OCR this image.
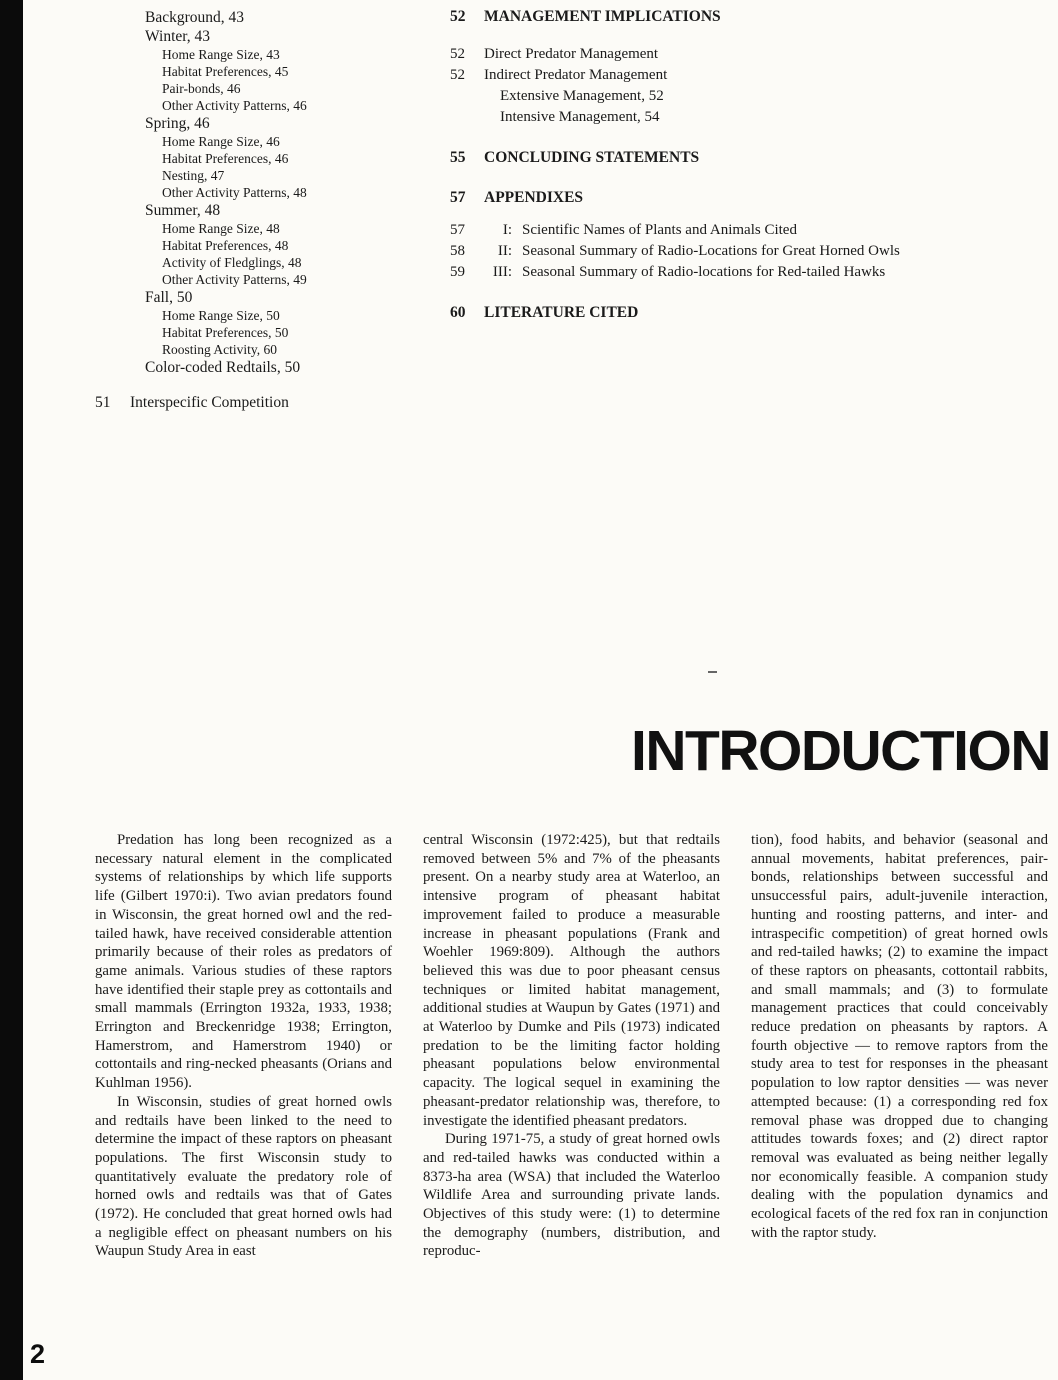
Background, 43
Winter, 43
Home Range Size, 43
Habitat Preferences, 45
Pair-bonds, 46
Other Activity Patterns, 46
Spring, 46
Home Range Size, 46
Habitat Preferences, 46
Nesting, 47
Other Activity Patterns, 48
Summer, 48
Home Range Size, 48
Habitat Preferences, 48
Activity of Fledglings, 48
Other Activity Patterns, 49
Fall, 50
Home Range Size, 50
Habitat Preferences, 50
Roosting Activity, 60
Color-coded Redtails, 50
51 Interspecific Competition
52	MANAGEMENT IMPLICATIONS
52	Direct Predator Management
52	Indirect Predator Management
Extensive Management, 52
Intensive Management, 54
55	CONCLUDING STATEMENTS
57	APPENDIXES
57	I: Scientific Names of Plants and Animals Cited
58	II: Seasonal Summary of Radio-Locations for Great Horned Owls
59	III: Seasonal Summary of Radio-locations for Red-tailed Hawks
60	LITERATURE CITED
INTRODUCTION

Predation has long been recognized as a necessary natural element in the complicated systems of relationships by which life supports life (Gilbert 1970:i). Two avian predators found in Wisconsin, the great horned owl and the red-tailed hawk, have received considerable attention primarily because of their roles as predators of game animals. Various studies of these raptors have identified their staple prey as cottontails and small mammals (Errington 1932a, 1933, 1938; Errington and Breckenridge 1938; Errington, Hamerstrom, and Hamerstrom 1940) or cottontails and ring-necked pheasants (Orians and Kuhlman 1956).

In Wisconsin, studies of great horned owls and redtails have been linked to the need to determine the impact of these raptors on pheasant populations. The first Wisconsin study to quantitatively evaluate the predatory role of horned owls and redtails was that of Gates (1972). He concluded that great horned owls had a negligible effect on pheasant numbers on his Waupun Study Area in east

central Wisconsin (1972:425), but that redtails removed between 5% and 7% of the pheasants present. On a nearby study area at Waterloo, an intensive program of pheasant habitat improvement failed to produce a measurable increase in pheasant populations (Frank and Woehler 1969:809). Although the authors believed this was due to poor pheasant census techniques or limited habitat management, additional studies at Waupun by Gates (1971) and at Waterloo by Dumke and Pils (1973) indicated predation to be the limiting factor holding pheasant populations below environmental capacity. The logical sequel in examining the pheasant-predator relationship was, therefore, to investigate the identified pheasant predators.

During 1971-75, a study of great horned owls and red-tailed hawks was conducted within a 8373-ha area (WSA) that included the Waterloo Wildlife Area and surrounding private lands. Objectives of this study were: (1) to determine the demography (numbers, distribution, and reproduc-

tion), food habits, and behavior (seasonal and annual movements, habitat preferences, pair-bonds, relationships between successful and unsuccessful pairs, adult-juvenile interaction, hunting and roosting patterns, and inter- and intraspecific competition) of great horned owls and red-tailed hawks; (2) to examine the impact of these raptors on pheasants, cottontail rabbits, and small mammals; and (3) to formulate management practices that could conceivably reduce predation on pheasants by raptors. A fourth objective — to remove raptors from the study area to test for responses in the pheasant population to low raptor densities — was never attempted because: (1) a corresponding red fox removal phase was dropped due to changing attitudes towards foxes; and (2) direct raptor removal was evaluated as being neither legally nor economically feasible. A companion study dealing with the population dynamics and ecological facets of the red fox ran in conjunction with the raptor study.

2
